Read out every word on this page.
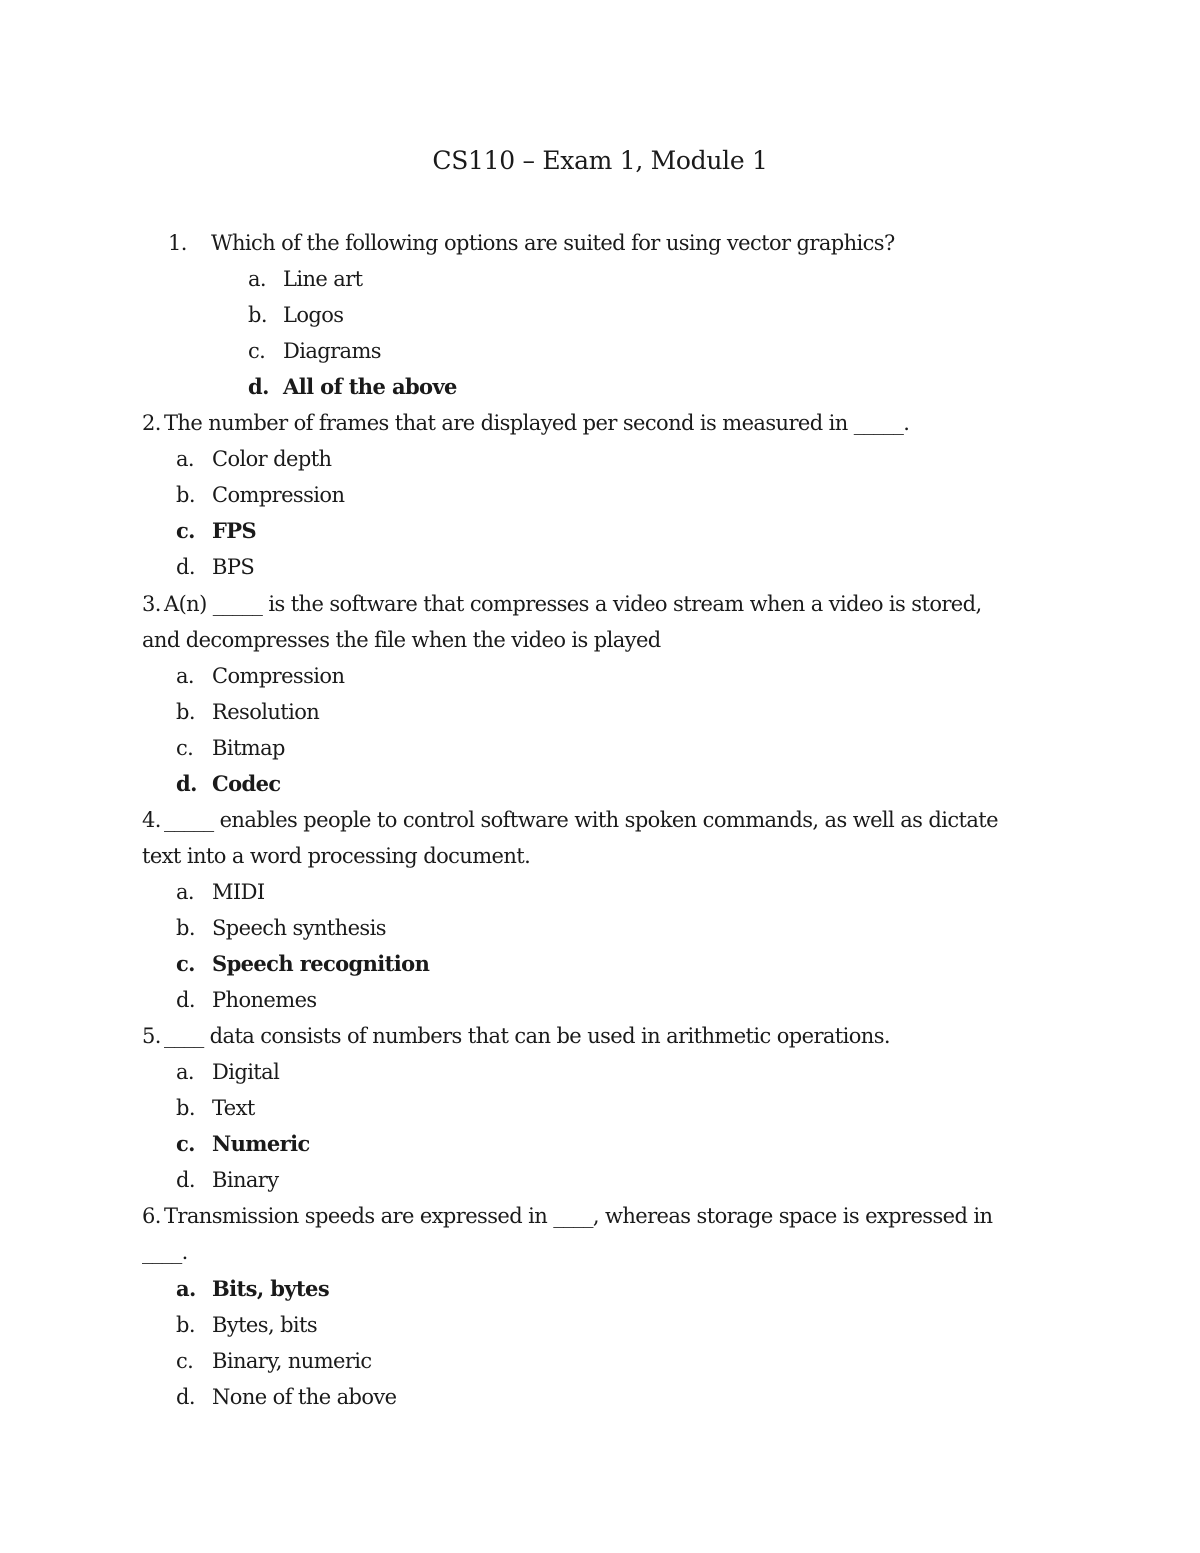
CS110 – Exam 1, Module 1
1. Which of the following options are suited for using vector graphics?
a. Line art
b. Logos
c. Diagrams
d. All of the above
2. The number of frames that are displayed per second is measured in _____.
a. Color depth
b. Compression
c. FPS
d. BPS
3. A(n) _____ is the software that compresses a video stream when a video is stored,
and decompresses the file when the video is played
a. Compression
b. Resolution
c. Bitmap
d. Codec
4. _____ enables people to control software with spoken commands, as well as dictate
text into a word processing document.
a. MIDI
b. Speech synthesis
c. Speech recognition
d. Phonemes
5. ____ data consists of numbers that can be used in arithmetic operations.
a. Digital
b. Text
c. Numeric
d. Binary
6. Transmission speeds are expressed in ____, whereas storage space is expressed in
____.
a. Bits, bytes
b. Bytes, bits
c. Binary, numeric
d. None of the above
